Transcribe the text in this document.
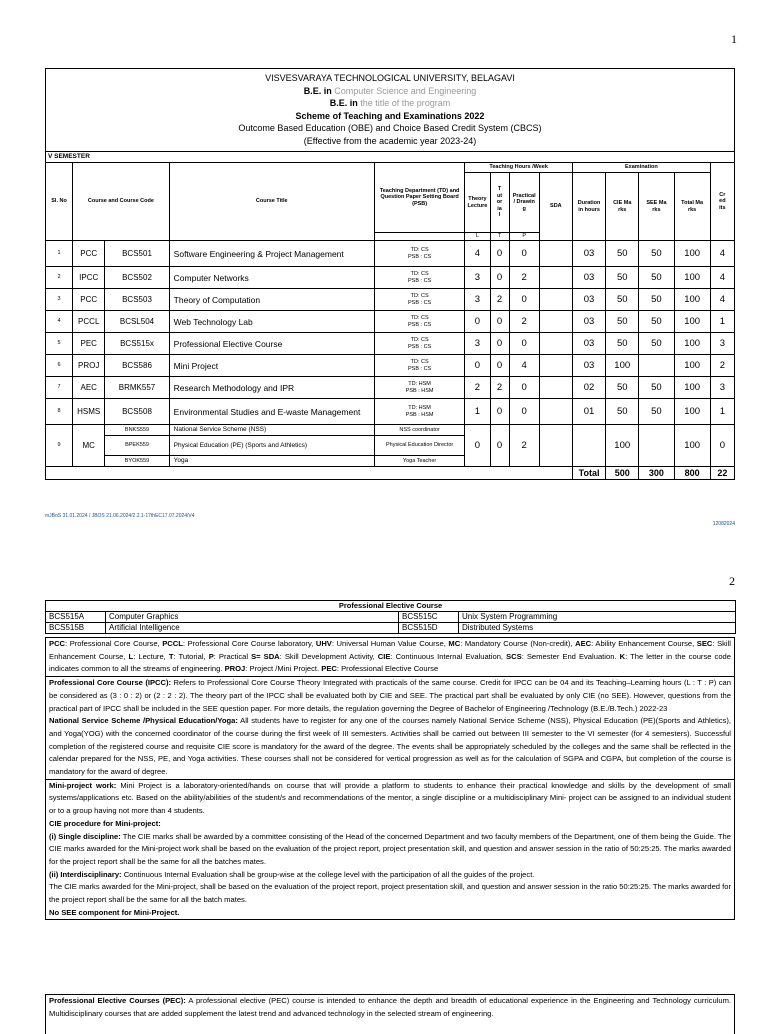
1
VISVESVARAYA TECHNOLOGICAL UNIVERSITY, BELAGAVI
B.E. in Computer Science and Engineering
B.E. in the title of the program
Scheme of Teaching and Examinations 2022
Outcome Based Education (OBE) and Choice Based Credit System (CBCS)
(Effective from the academic year 2023-24)
V SEMESTER													
Sl. No	Course and Course Code		Course Title	Teaching Department (TD) and Question Paper Setting Board (PSB)	Teaching Hours /Week				Examination				Credits
					Theory Lecture	Tutorial	Practical / Drawing	SDA	Duration in hours	CIE Marks	SEE Marks	Total Marks	
					L	T	P						
1	PCC	BCS501	Software Engineering & Project Management	TD: CS
PSB : CS	4	0	0		03	50	50	100	4
2	IPCC	BCS502	Computer Networks	TD: CS
PSB : CS	3	0	2		03	50	50	100	4
3	PCC	BCS503	Theory of Computation	TD: CS
PSB : CS	3	2	0		03	50	50	100	4
4	PCCL	BCSL504	Web Technology Lab	TD: CS
PSB : CS	0	0	2		03	50	50	100	1
5	PEC	BCS515x	Professional Elective Course	TD: CS
PSB : CS	3	0	0		03	50	50	100	3
6	PROJ	BCS586	Mini Project	TD: CS
PSB : CS	0	0	4		03	100		100	2
7	AEC	BRMK557	Research Methodology and IPR	TD: HSM
PSB : HSM	2	2	0		02	50	50	100	3
8	HSMS	BCS508	Environmental Studies and E-waste Management	TD: HSM
PSB : HSM	1	0	0		01	50	50	100	1
9	MC	BNKS559	National Service Scheme (NSS)	NSS coordinator	0	0	2			100		100	0
		BPEK559	Physical Education (PE) (Sports and Athletics)	Physical Education Director									
		BYOK559	Yoga	Yoga Teacher									
									Total	500	300	800	22
mJBoS 31.01.2024 / JBOS 21.06.2024/2.2.1-17thEC17.07.2024/V4
12082024
2
Professional Elective Course			
BCS515A	Computer Graphics	BCS515C	Unix System Programming
BCS515B	Artificial Intelligence	BCS515D	Distributed Systems
PCC: Professional Core Course, PCCL: Professional Core Course laboratory, UHV: Universal Human Value Course, MC: Mandatory Course (Non-credit), AEC: Ability Enhancement Course, SEC: Skill Enhancement Course, L: Lecture, T: Tutorial, P: Practical S= SDA: Skill Development Activity, CIE: Continuous Internal Evaluation, SCS: Semester End Evaluation. K: The letter in the course code indicates common to all the streams of engineering. PROJ: Project /Mini Project. PEC: Professional Elective Course
Professional Core Course (IPCC): Refers to Professional Core Course Theory Integrated with practicals of the same course. Credit for IPCC can be 04 and its Teaching–Learning hours (L : T : P) can be considered as (3 : 0 : 2) or (2 : 2 : 2). The theory part of the IPCC shall be evaluated both by CIE and SEE. The practical part shall be evaluated by only CIE (no SEE). However, questions from the practical part of IPCC shall be included in the SEE question paper. For more details, the regulation governing the Degree of Bachelor of Engineering /Technology (B.E./B.Tech.) 2022-23
National Service Scheme /Physical Education/Yoga: All students have to register for any one of the courses namely National Service Scheme (NSS), Physical Education (PE)(Sports and Athletics), and Yoga(YOG) with the concerned coordinator of the course during the first week of III semesters. Activities shall be carried out between III semester to the VI semester (for 4 semesters). Successful completion of the registered course and requisite CIE score is mandatory for the award of the degree. The events shall be appropriately scheduled by the colleges and the same shall be reflected in the calendar prepared for the NSS, PE, and Yoga activities. These courses shall not be considered for vertical progression as well as for the calculation of SGPA and CGPA, but completion of the course is mandatory for the award of degree.
Mini-project work: Mini Project is a laboratory-oriented/hands on course that will provide a platform to students to enhance their practical knowledge and skills by the development of small systems/applications etc. Based on the ability/abilities of the student/s and recommendations of the mentor, a single discipline or a multidisciplinary Mini- project can be assigned to an individual student or to a group having not more than 4 students.
CIE procedure for Mini-project:
(i) Single discipline: The CIE marks shall be awarded by a committee consisting of the Head of the concerned Department and two faculty members of the Department, one of them being the Guide. The CIE marks awarded for the Mini-project work shall be based on the evaluation of the project report, project presentation skill, and question and answer session in the ratio of 50:25:25. The marks awarded for the project report shall be the same for all the batches mates.
(ii) Interdisciplinary: Continuous Internal Evaluation shall be group-wise at the college level with the participation of all the guides of the project.
The CIE marks awarded for the Mini-project, shall be based on the evaluation of the project report, project presentation skill, and question and answer session in the ratio 50:25:25. The marks awarded for the project report shall be the same for all the batch mates.
No SEE component for Mini-Project.
Professional Elective Courses (PEC): A professional elective (PEC) course is intended to enhance the depth and breadth of educational experience in the Engineering and Technology curriculum. Multidisciplinary courses that are added supplement the latest trend and advanced technology in the selected stream of engineering.
